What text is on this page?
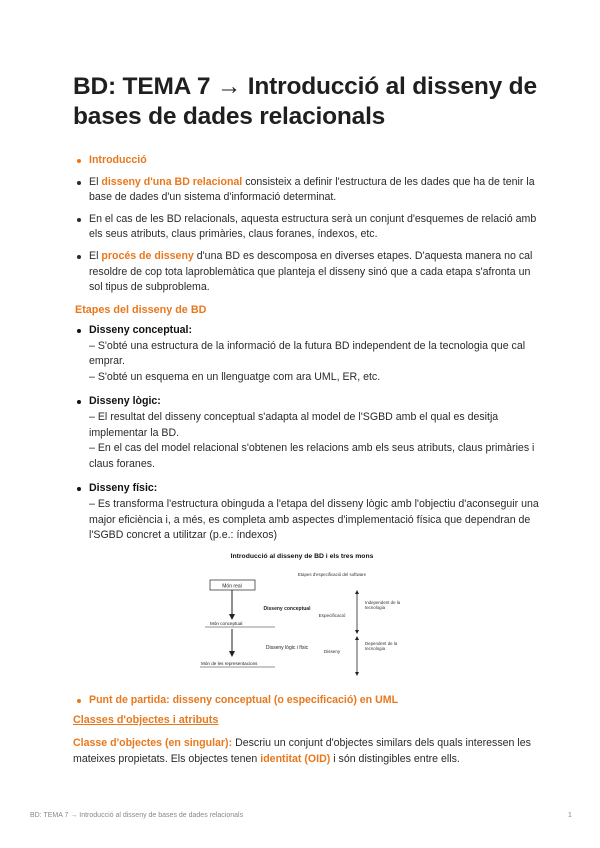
BD: TEMA 7 → Introducció al disseny de bases de dades relacionals
Introducció
El disseny d'una BD relacional consisteix a definir l'estructura de les dades que ha de tenir la base de dades d'un sistema d'informació determinat.
En el cas de les BD relacionals, aquesta estructura serà un conjunt d'esquemes de relació amb els seus atributs, claus primàries, claus foranes, índexos, etc.
El procés de disseny d'una BD es descomposa en diverses etapes. D'aquesta manera no cal resoldre de cop tota laproblemàtica que planteja el disseny sinó que a cada etapa s'afronta un sol tipus de subproblema.
Etapes del disseny de BD
Disseny conceptual:
– S'obté una estructura de la informació de la futura BD independent de la tecnologia que cal emprar.
– S'obté un esquema en un llenguatge com ara UML, ER, etc.
Disseny lògic:
– El resultat del disseny conceptual s'adapta al model de l'SGBD amb el qual es desitja implementar la BD.
– En el cas del model relacional s'obtenen les relacions amb els seus atributs, claus primàries i claus foranes.
Disseny físic:
– Es transforma l'estructura obinguda a l'etapa del disseny lògic amb l'objectiu d'aconseguir una major eficiència i, a més, es completa amb aspectes d'implementació física que dependran de l'SGBD concret a utilitzar (p.e.: índexos)
Introducció al disseny de BD i els tres mons
Món real
Món conceptual
Món de les representacions
Disseny conceptual
Disseny lògic i físic
Etapes d'especificació del software
Especificació
Disseny
Independent de la tecnologia
Dependent de la tecnologia
Punt de partida: disseny conceptual (o especificació) en UML
Classes d'objectes i atributs
Classe d'objectes (en singular): Descriu un conjunt d'objectes similars dels quals interessen les mateixes propietats. Els objectes tenen identitat (OID) i són distingibles entre ells.
BD: TEMA 7 → Introducció al disseny de bases de dades relacionals	1
